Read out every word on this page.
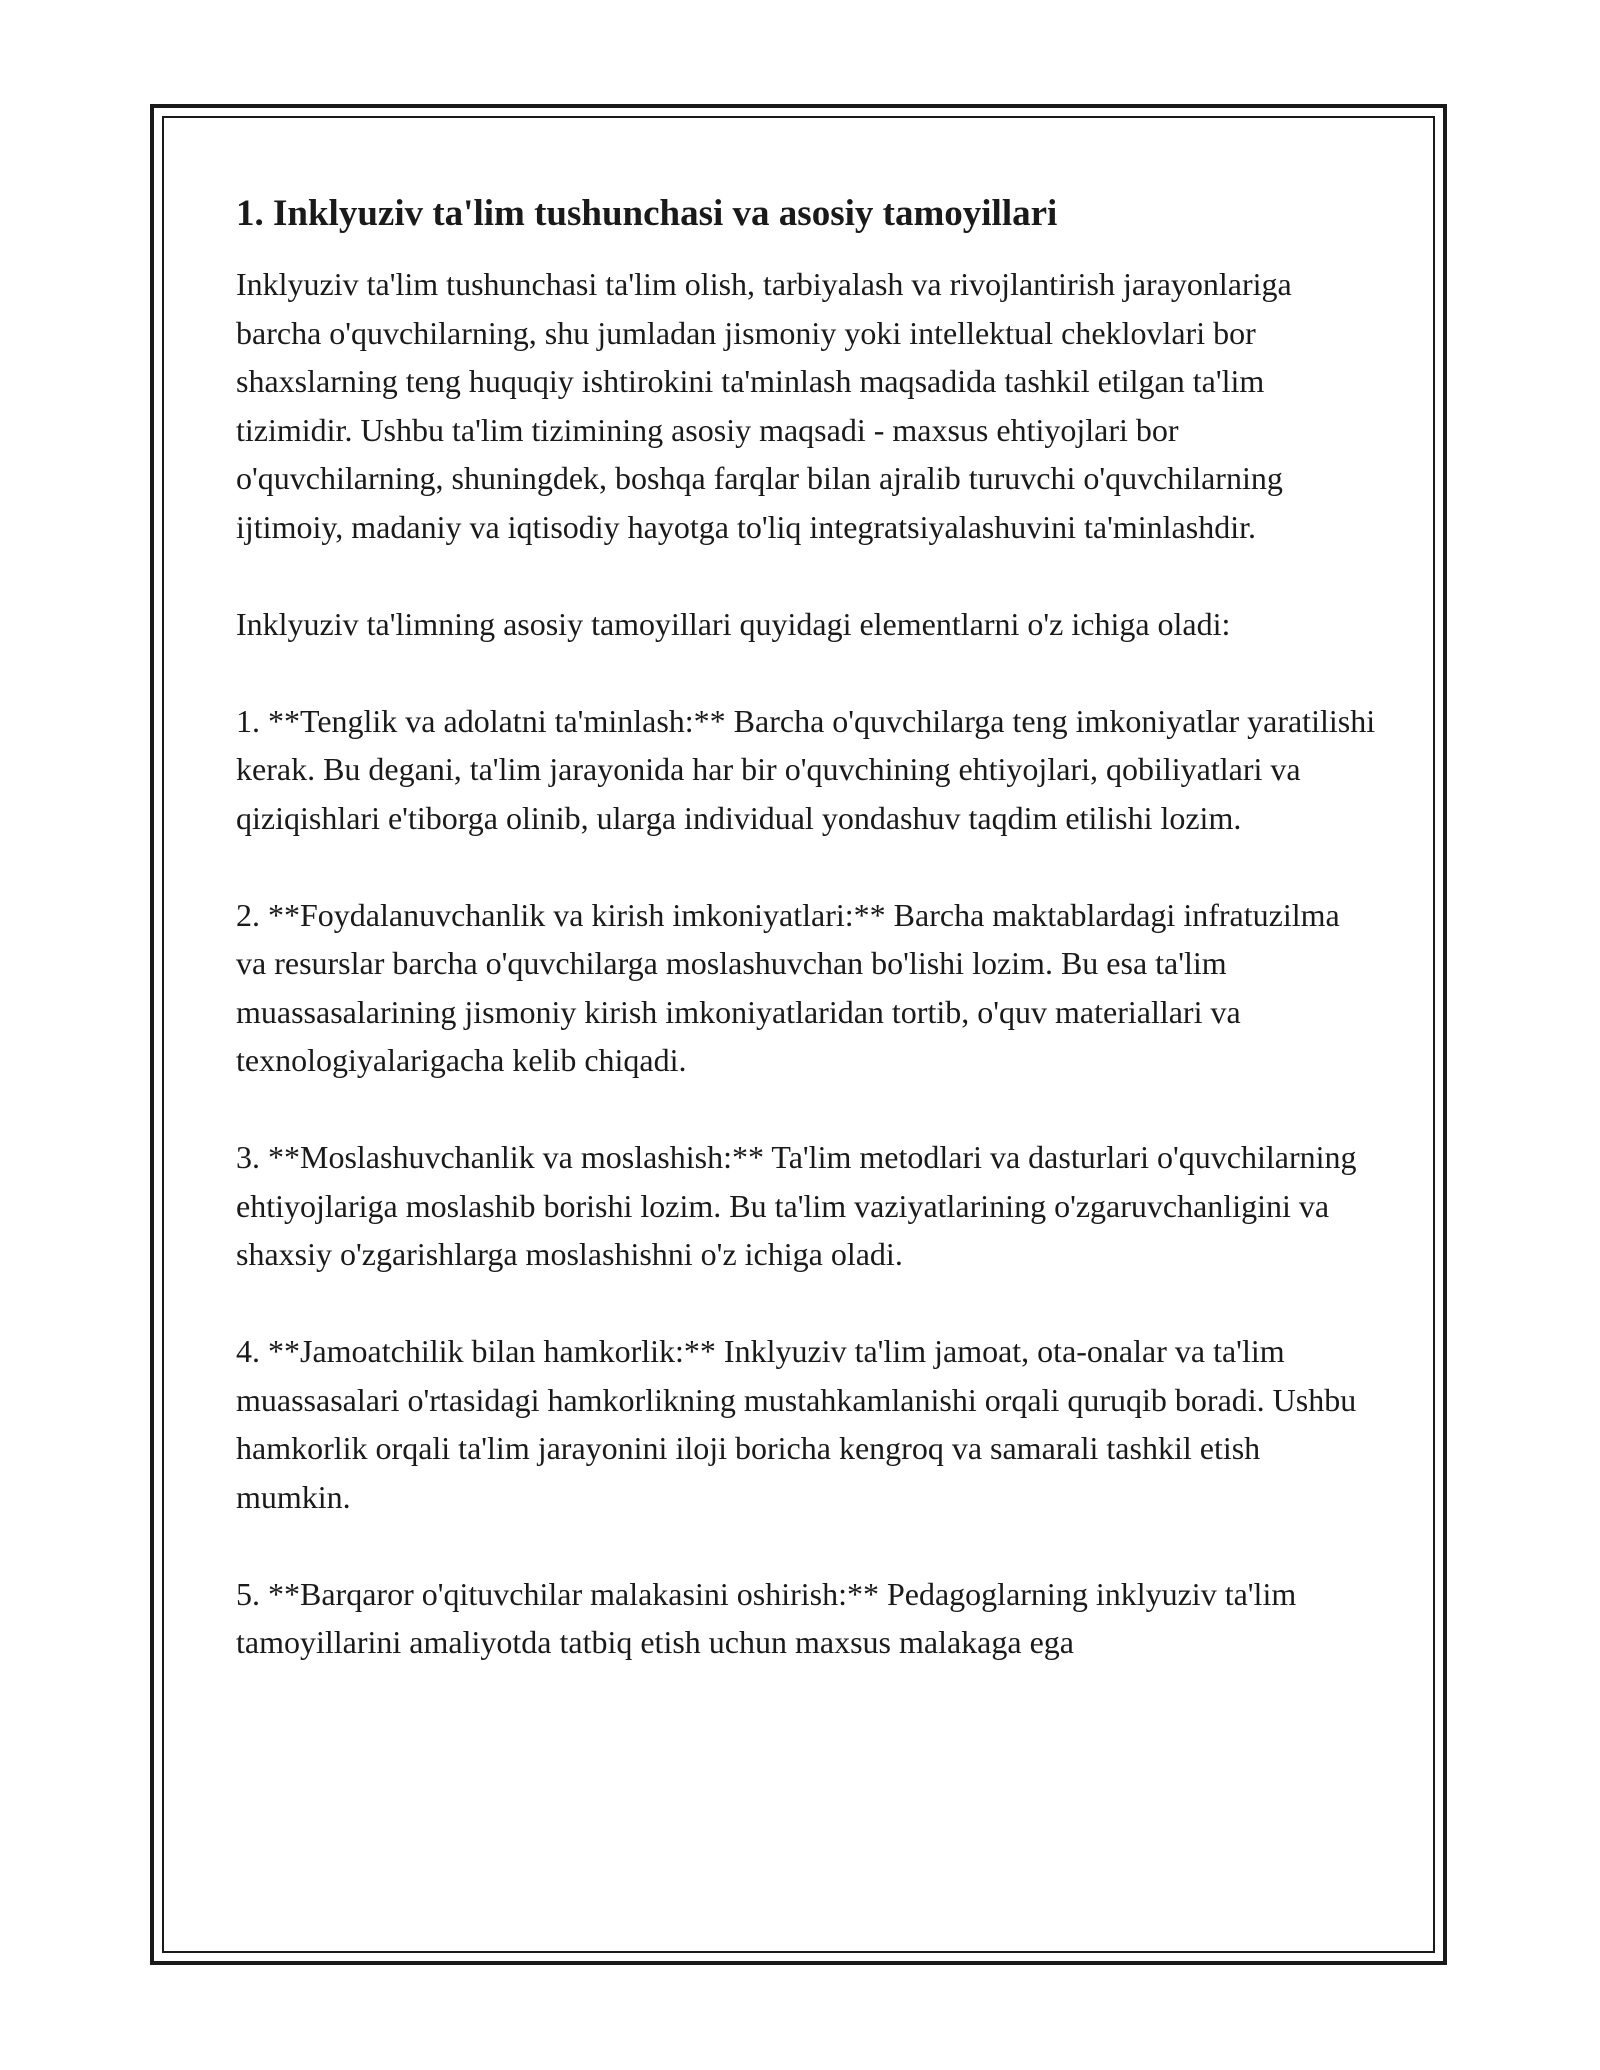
1. Inklyuziv ta'lim tushunchasi va asosiy tamoyillari

Inklyuziv ta'lim tushunchasi ta'lim olish, tarbiyalash va rivojlantirish jarayonlariga barcha o'quvchilarning, shu jumladan jismoniy yoki intellektual cheklovlari bor shaxslarning teng huquqiy ishtirokini ta'minlash maqsadida tashkil etilgan ta'lim tizimidir. Ushbu ta'lim tizimining asosiy maqsadi - maxsus ehtiyojlari bor o'quvchilarning, shuningdek, boshqa farqlar bilan ajralib turuvchi o'quvchilarning ijtimoiy, madaniy va iqtisodiy hayotga to'liq integratsiyalashuvini ta'minlashdir.

Inklyuziv ta'limning asosiy tamoyillari quyidagi elementlarni o'z ichiga oladi:

1. **Tenglik va adolatni ta'minlash:** Barcha o'quvchilarga teng imkoniyatlar yaratilishi kerak. Bu degani, ta'lim jarayonida har bir o'quvchining ehtiyojlari, qobiliyatlari va qiziqishlari e'tiborga olinib, ularga individual yondashuv taqdim etilishi lozim.

2. **Foydalanuvchanlik va kirish imkoniyatlari:** Barcha maktablardagi infratuzilma va resurslar barcha o'quvchilarga moslashuvchan bo'lishi lozim. Bu esa ta'lim muassasalarining jismoniy kirish imkoniyatlaridan tortib, o'quv materiallari va texnologiyalarigacha kelib chiqadi.

3. **Moslashuvchanlik va moslashish:** Ta'lim metodlari va dasturlari o'quvchilarning ehtiyojlariga moslashib borishi lozim. Bu ta'lim vaziyatlarining o'zgaruvchanligini va shaxsiy o'zgarishlarga moslashishni o'z ichiga oladi.

4. **Jamoatchilik bilan hamkorlik:** Inklyuziv ta'lim jamoat, ota-onalar va ta'lim muassasalari o'rtasidagi hamkorlikning mustahkamlanishi orqali quruqib boradi. Ushbu hamkorlik orqali ta'lim jarayonini iloji boricha kengroq va samarali tashkil etish mumkin.

5. **Barqaror o'qituvchilar malakasini oshirish:** Pedagoglarning inklyuziv ta'lim tamoyillarini amaliyotda tatbiq etish uchun maxsus malakaga ega
